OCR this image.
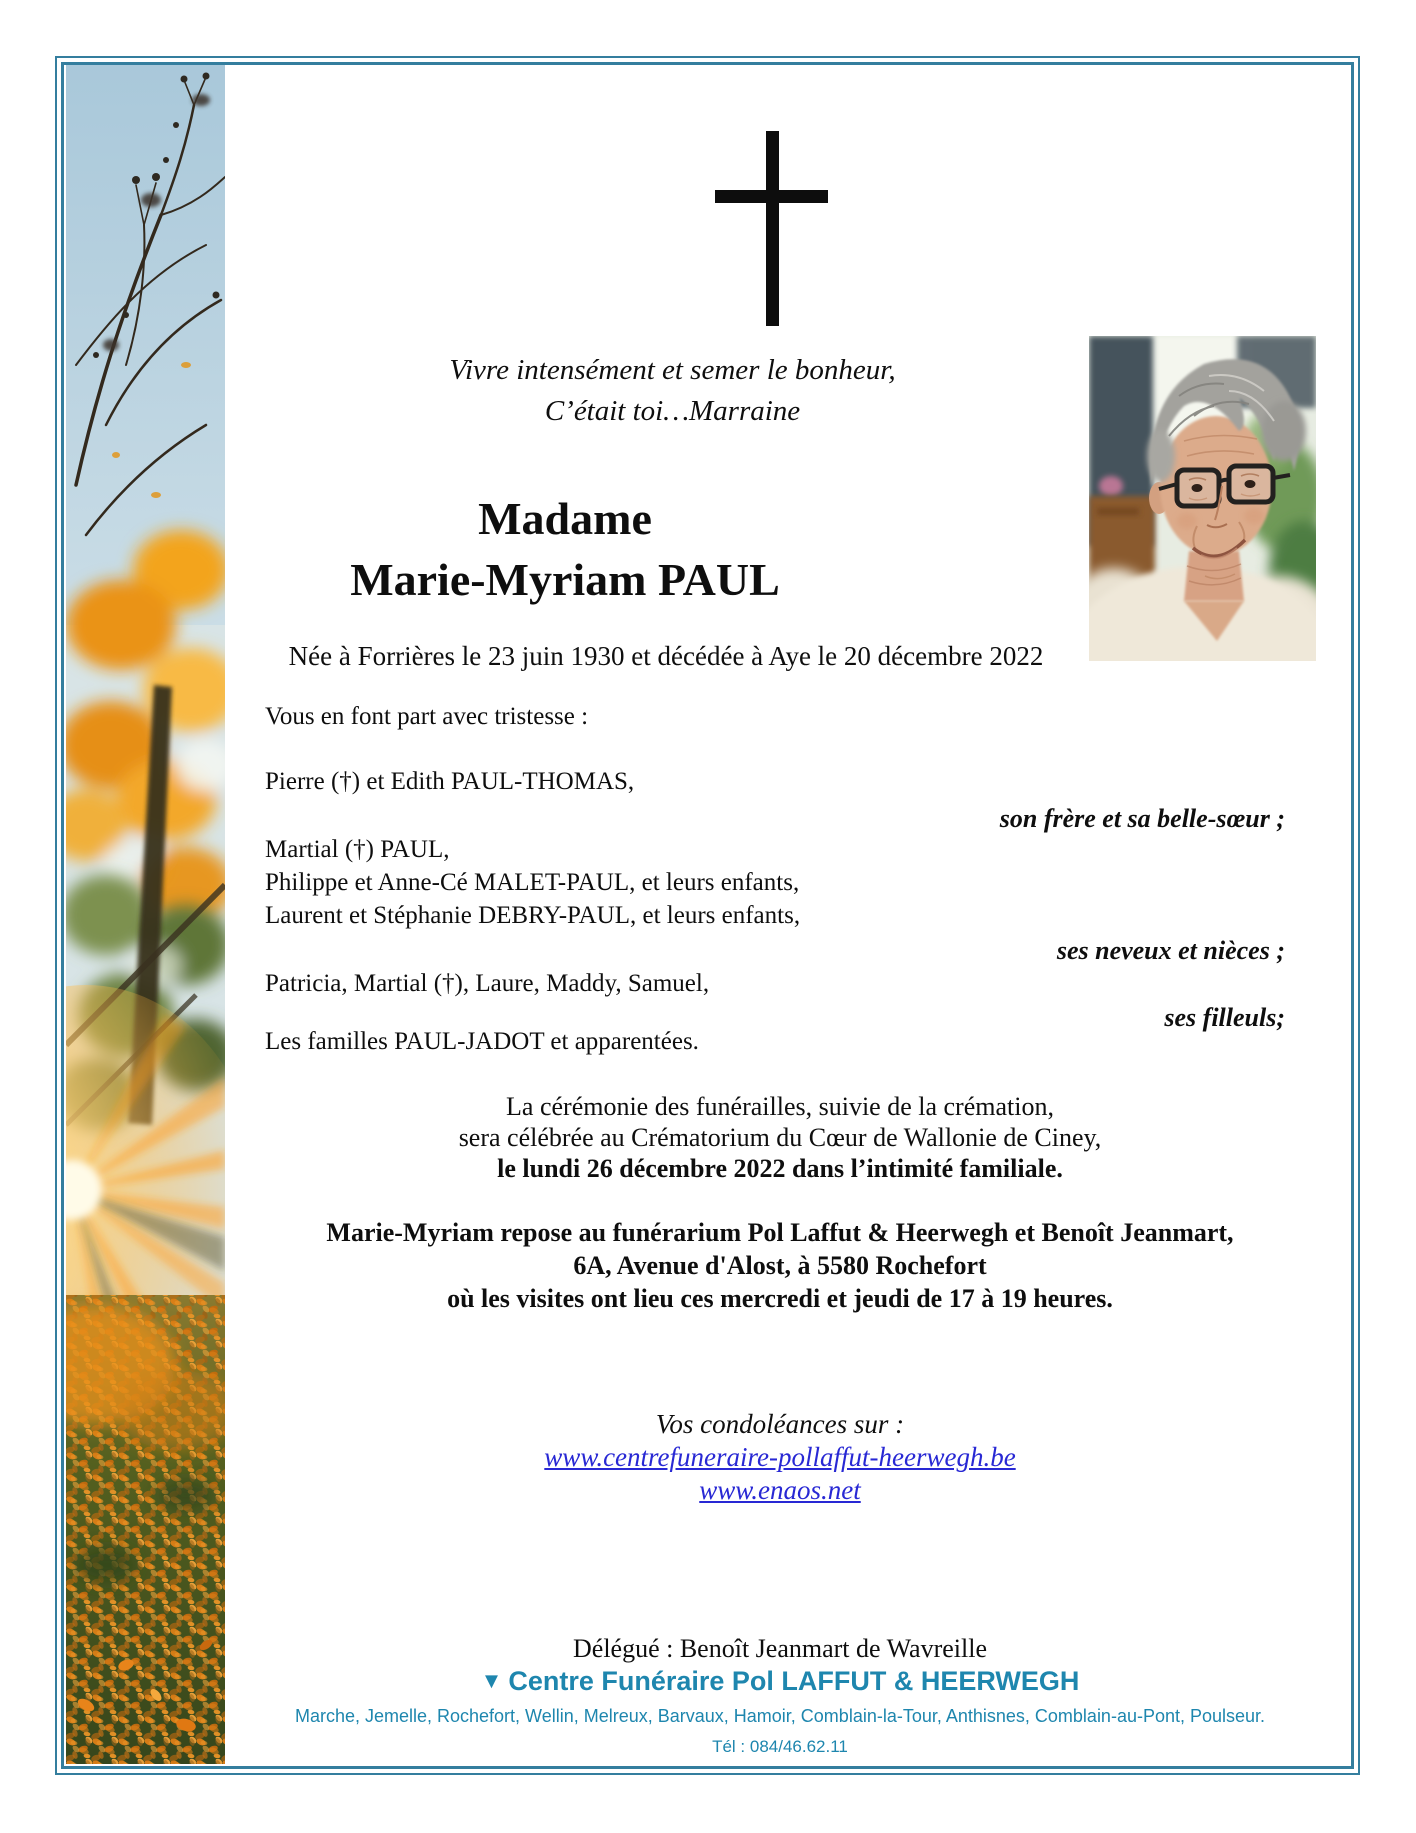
Vivre intensément et semer le bonheur,
C’était toi…Marraine
Madame
Marie-Myriam PAUL
Née à Forrières le 23 juin 1930 et décédée à Aye le 20 décembre 2022
Vous en font part avec tristesse :
Pierre (†) et Edith PAUL-THOMAS,
son frère et sa belle-sœur ;
Martial (†) PAUL,
Philippe et Anne-Cé MALET-PAUL, et leurs enfants,
Laurent et Stéphanie DEBRY-PAUL, et leurs enfants,
ses neveux et nièces ;
Patricia, Martial (†), Laure, Maddy, Samuel,
ses filleuls;
Les familles PAUL-JADOT et apparentées.
La cérémonie des funérailles, suivie de la crémation,
sera célébrée au Crématorium du Cœur de Wallonie de Ciney,
le lundi 26 décembre 2022 dans l’intimité familiale.
Marie-Myriam repose au funérarium Pol Laffut & Heerwegh et Benoît Jeanmart,
6A, Avenue d'Alost, à 5580 Rochefort
où les visites ont lieu ces mercredi et jeudi de 17 à 19 heures.
Vos condoléances sur :
www.centrefuneraire-pollaffut-heerwegh.be
www.enaos.net
Délégué : Benoît Jeanmart de Wavreille
▼Centre Funéraire Pol LAFFUT & HEERWEGH
Marche, Jemelle, Rochefort, Wellin, Melreux, Barvaux, Hamoir, Comblain-la-Tour, Anthisnes, Comblain-au-Pont, Poulseur.
Tél : 084/46.62.11
